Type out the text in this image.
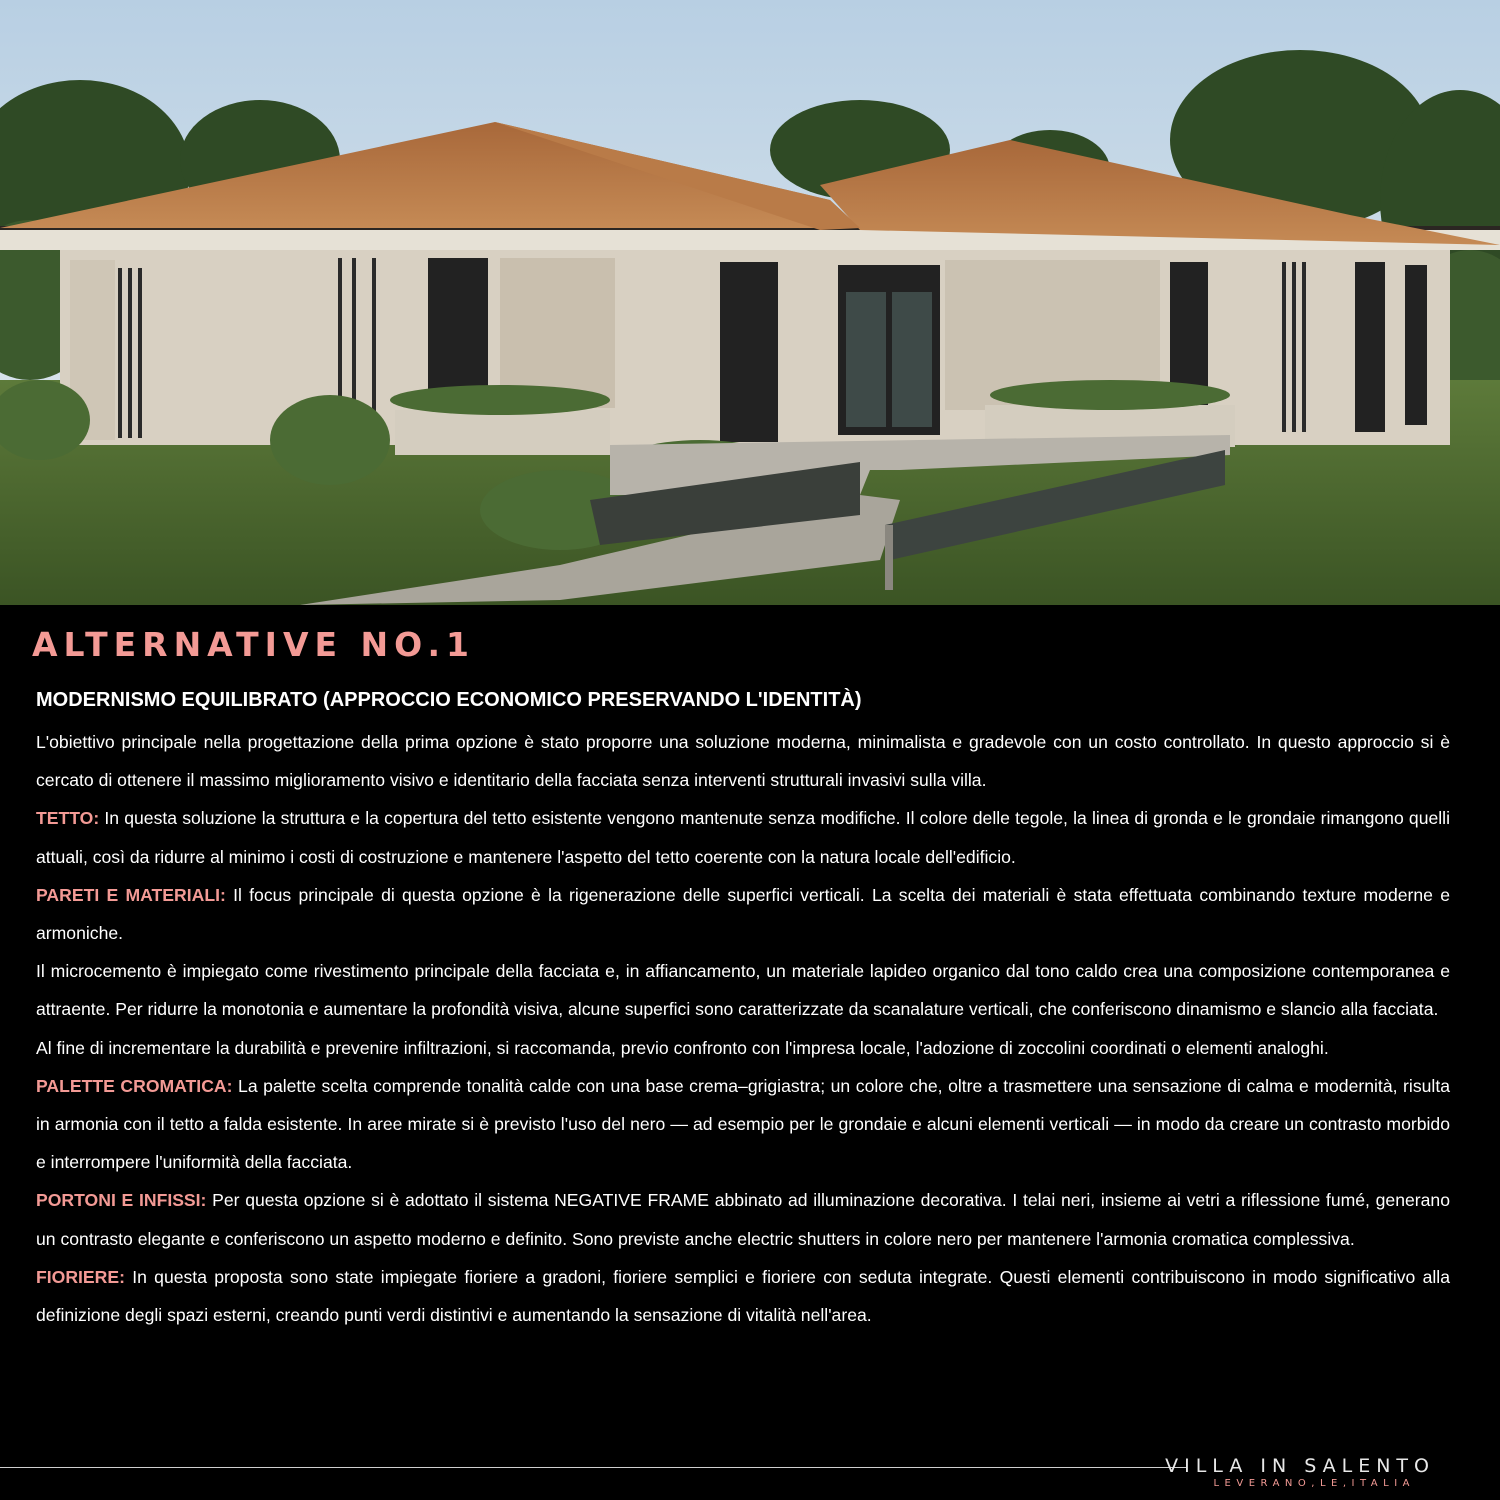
ALTERNATIVE NO.1
MODERNISMO EQUILIBRATO (APPROCCIO ECONOMICO PRESERVANDO L'IDENTITÀ)

L'obiettivo principale nella progettazione della prima opzione è stato proporre una soluzione moderna, minimalista e gradevole con un costo controllato. In questo approccio si è cercato di ottenere il massimo miglioramento visivo e identitario della facciata senza interventi strutturali invasivi sulla villa.

TETTO: In questa soluzione la struttura e la copertura del tetto esistente vengono mantenute senza modifiche. Il colore delle tegole, la linea di gronda e le grondaie rimangono quelli attuali, così da ridurre al minimo i costi di costruzione e mantenere l'aspetto del tetto coerente con la natura locale dell'edificio.

PARETI E MATERIALI: Il focus principale di questa opzione è la rigenerazione delle superfici verticali. La scelta dei materiali è stata effettuata combinando texture moderne e armoniche.

Il microcemento è impiegato come rivestimento principale della facciata e, in affiancamento, un materiale lapideo organico dal tono caldo crea una composizione contemporanea e attraente. Per ridurre la monotonia e aumentare la profondità visiva, alcune superfici sono caratterizzate da scanalature verticali, che conferiscono dinamismo e slancio alla facciata.

Al fine di incrementare la durabilità e prevenire infiltrazioni, si raccomanda, previo confronto con l'impresa locale, l'adozione di zoccolini coordinati o elementi analoghi.

PALETTE CROMATICA: La palette scelta comprende tonalità calde con una base crema–grigiastra; un colore che, oltre a trasmettere una sensazione di calma e modernità, risulta in armonia con il tetto a falda esistente. In aree mirate si è previsto l'uso del nero — ad esempio per le grondaie e alcuni elementi verticali — in modo da creare un contrasto morbido e interrompere l'uniformità della facciata.

PORTONI E INFISSI: Per questa opzione si è adottato il sistema NEGATIVE FRAME abbinato ad illuminazione decorativa. I telai neri, insieme ai vetri a riflessione fumé, generano un contrasto elegante e conferiscono un aspetto moderno e definito. Sono previste anche electric shutters in colore nero per mantenere l'armonia cromatica complessiva.

FIORIERE: In questa proposta sono state impiegate fioriere a gradoni, fioriere semplici e fioriere con seduta integrate. Questi elementi contribuiscono in modo significativo alla definizione degli spazi esterni, creando punti verdi distintivi e aumentando la sensazione di vitalità nell'area.

VILLA IN SALENTO
LEVERANO,LE,ITALIA
